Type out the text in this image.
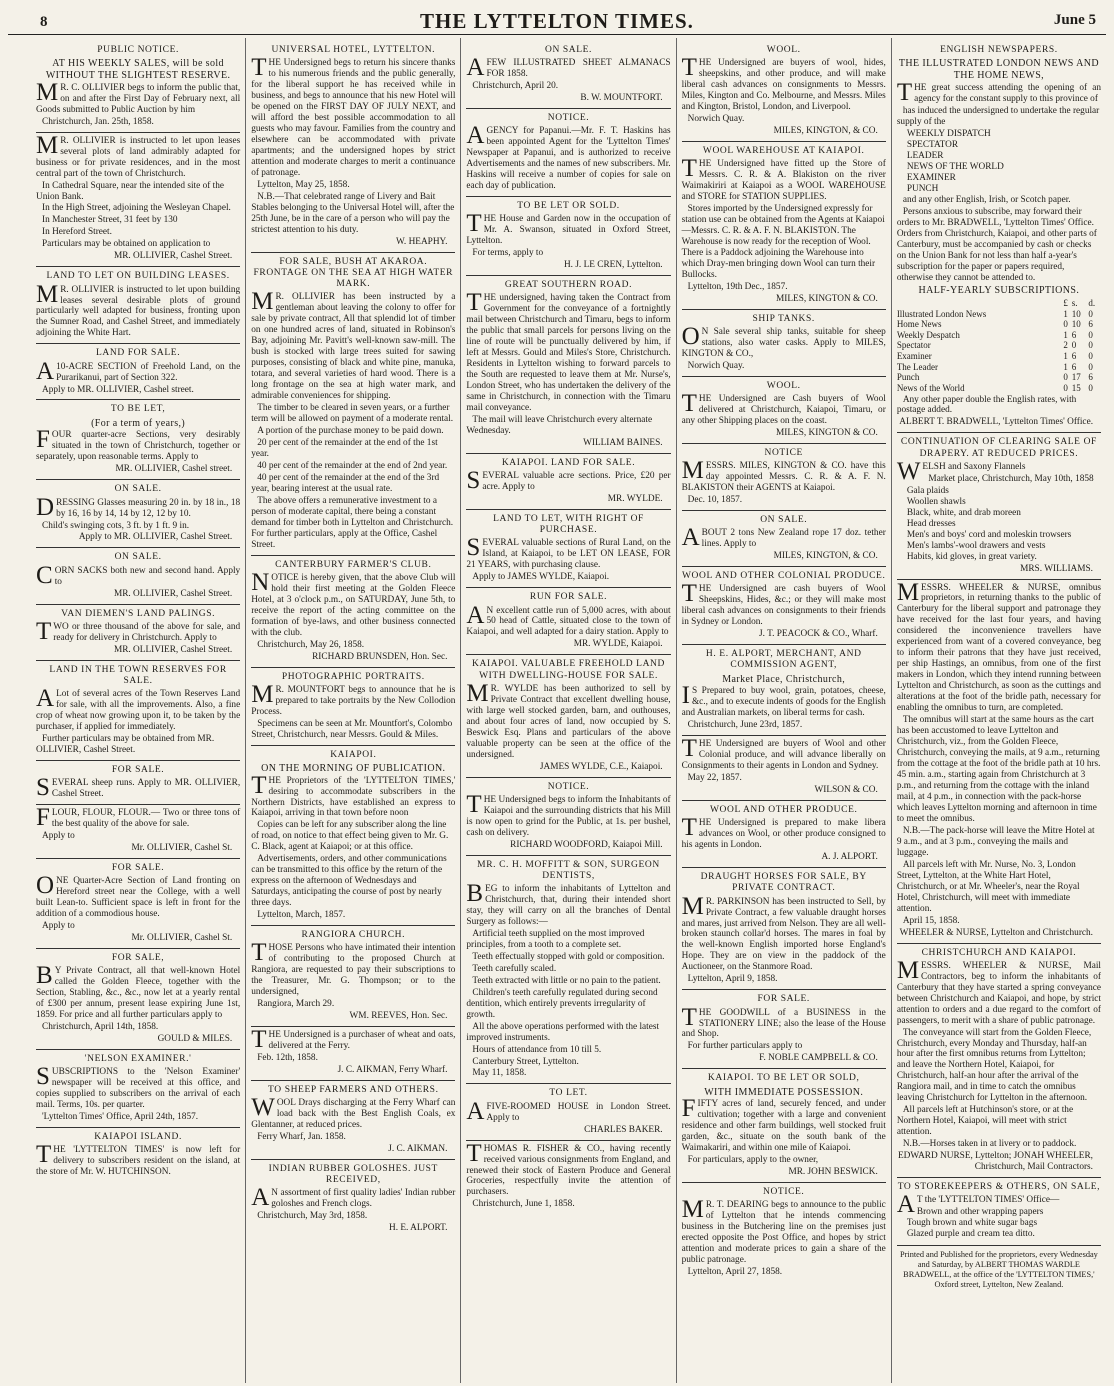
8	THE LYTTELTON TIMES.	June 5
PUBLIC NOTICE.
AT HIS WEEKLY SALES, will be sold WITHOUT THE SLIGHTEST RESERVE.

MR. C. OLLIVIER begs to inform the public that, on and after the First Day of February next, all Goods submitted to Public Auction by him

Christchurch, Jan. 25th, 1858.

MR. OLLIVIER is instructed to let upon leases several plots of land admirably adapted for business or for private residences, and in the most central part of the town of Christchurch.

In Cathedral Square, near the intended site of the Union Bank.
In the High Street, adjoining the Wesleyan Chapel.
In Manchester Street, 31 feet by 130
In Hereford Street.
Particulars may be obtained on application to
MR. OLLIVIER, Cashel Street.
LAND TO LET ON BUILDING LEASES.

MR. OLLIVIER is instructed to let upon building leases several desirable plots of ground particularly well adapted for business, fronting upon the Sumner Road, and Cashel Street, and immediately adjoining the White Hart.

LAND FOR SALE.

A10-ACRE SECTION of Freehold Land, on the Purarikanui, part of Section 322.

Apply to MR. OLLIVIER, Cashel street.
TO BE LET,
(For a term of years,)

FOUR quarter-acre Sections, very desirably situated in the town of Christchurch, together or separately, upon reasonable terms. Apply to

MR. OLLIVIER, Cashel street.
ON SALE.

DRESSING Glasses measuring 20 in. by 18 in., 18 by 16, 16 by 14, 14 by 12, 12 by 10.

Child's swinging cots, 3 ft. by 1 ft. 9 in.
Apply to MR. OLLIVIER, Cashel Street.
ON SALE.

CORN SACKS both new and second hand. Apply to

MR. OLLIVIER, Cashel Street.
VAN DIEMEN'S LAND PALINGS.

TWO or three thousand of the above for sale, and ready for delivery in Christchurch. Apply to

MR. OLLIVIER, Cashel Street.
LAND IN THE TOWN RESERVES FOR SALE.

ALot of several acres of the Town Reserves Land for sale, with all the improvements. Also, a fine crop of wheat now growing upon it, to be taken by the purchaser, if applied for immediately.

Further particulars may be obtained from MR. OLLIVIER, Cashel Street.
FOR SALE.

SEVERAL sheep runs. Apply to MR. OLLIVIER, Cashel Street.

FLOUR, FLOUR, FLOUR.— Two or three tons of the best quality of the above for sale.

Apply to
Mr. OLLIVIER, Cashel St.
FOR SALE.

ONE Quarter-Acre Section of Land fronting on Hereford street near the College, with a well built Lean-to. Sufficient space is left in front for the addition of a commodious house.

Apply to
Mr. OLLIVIER, Cashel St.
FOR SALE,

BY Private Contract, all that well-known Hotel called the Golden Fleece, together with the Section, Stabling, &c., &c., now let at a yearly rental of £300 per annum, present lease expiring June 1st, 1859. For price and all further particulars apply to

Christchurch, April 14th, 1858.
GOULD & MILES.
'NELSON EXAMINER.'

SUBSCRIPTIONS to the 'Nelson Examiner' newspaper will be received at this office, and copies supplied to subscribers on the arrival of each mail. Terms, 10s. per quarter.

'Lyttelton Times' Office, April 24th, 1857.
KAIAPOI ISLAND.

THE 'LYTTELTON TIMES' is now left for delivery to subscribers resident on the island, at the store of Mr. W. HUTCHINSON.

UNIVERSAL HOTEL, LYTTELTON.

THE Undersigned begs to return his sincere thanks to his numerous friends and the public generally, for the liberal support he has received while in business, and begs to announce that his new Hotel will be opened on the FIRST DAY OF JULY NEXT, and will afford the best possible accommodation to all guests who may favour. Families from the country and elsewhere can be accommodated with private apartments; and the undersigned hopes by strict attention and moderate charges to merit a continuance of patronage.

Lyttelton, May 25, 1858.
N.B.—That celebrated range of Livery and Bait Stables belonging to the Universal Hotel will, after the 25th June, be in the care of a person who will pay the strictest attention to his duty.
W. HEAPHY.
FOR SALE, BUSH AT AKAROA. FRONTAGE ON THE SEA AT HIGH WATER MARK.

MR. OLLIVIER has been instructed by a gentleman about leaving the colony to offer for sale by private contract, All that splendid lot of timber on one hundred acres of land, situated in Robinson's Bay, adjoining Mr. Pavitt's well-known saw-mill. The bush is stocked with large trees suited for sawing purposes, consisting of black and white pine, manuka, totara, and several varieties of hard wood. There is a long frontage on the sea at high water mark, and admirable conveniences for shipping.

The timber to be cleared in seven years, or a further term will be allowed on payment of a moderate rental.
A portion of the purchase money to be paid down.
20 per cent of the remainder at the end of the 1st year.
40 per cent of the remainder at the end of 2nd year.
40 per cent of the remainder at the end of the 3rd year, bearing interest at the usual rate.
The above offers a remunerative investment to a person of moderate capital, there being a constant demand for timber both in Lyttelton and Christchurch. For further particulars, apply at the Office, Cashel Street.
CANTERBURY FARMER'S CLUB.

NOTICE is hereby given, that the above Club will hold their first meeting at the Golden Fleece Hotel, at 3 o'clock p.m., on SATURDAY, June 5th, to receive the report of the acting committee on the formation of bye-laws, and other business connected with the club.

Christchurch, May 26, 1858.
RICHARD BRUNSDEN, Hon. Sec.
PHOTOGRAPHIC PORTRAITS.

MR. MOUNTFORT begs to announce that he is prepared to take portraits by the New Collodion Process.

Specimens can be seen at Mr. Mountfort's, Colombo Street, Christchurch, near Messrs. Gould & Miles.
KAIAPOI.
ON THE MORNING OF PUBLICATION.

THE Proprietors of the 'LYTTELTON TIMES,' desiring to accommodate subscribers in the Northern Districts, have established an express to Kaiapoi, arriving in that town before noon

Copies can be left for any subscriber along the line of road, on notice to that effect being given to Mr. G. C. Black, agent at Kaiapoi; or at this office.
Advertisements, orders, and other communications can be transmitted to this office by the return of the express on the afternoon of Wednesdays and Saturdays, anticipating the course of post by nearly three days.
Lyttelton, March, 1857.
RANGIORA CHURCH.

THOSE Persons who have intimated their intention of contributing to the proposed Church at Rangiora, are requested to pay their subscriptions to the Treasurer, Mr. G. Thompson; or to the undersigned,

Rangiora, March 29.
WM. REEVES, Hon. Sec.

THE Undersigned is a purchaser of wheat and oats, delivered at the Ferry.

Feb. 12th, 1858.
J. C. AIKMAN, Ferry Wharf.
TO SHEEP FARMERS AND OTHERS.

WOOL Drays discharging at the Ferry Wharf can load back with the Best English Coals, ex Glentanner, at reduced prices.

Ferry Wharf, Jan. 1858.
J. C. AIKMAN.
INDIAN RUBBER GOLOSHES. JUST RECEIVED,

AN assortment of first quality ladies' Indian rubber goloshes and French clogs.

Christchurch, May 3rd, 1858.
H. E. ALPORT.
ON SALE.

AFEW ILLUSTRATED SHEET ALMANACS FOR 1858.

Christchurch, April 20.
B. W. MOUNTFORT.
NOTICE.

AGENCY for Papanui.—Mr. F. T. Haskins has been appointed Agent for the 'Lyttelton Times' Newspaper at Papanui, and is authorized to receive Advertisements and the names of new subscribers. Mr. Haskins will receive a number of copies for sale on each day of publication.

TO BE LET OR SOLD.

THE House and Garden now in the occupation of Mr. A. Swanson, situated in Oxford Street, Lyttelton.

For terms, apply to
H. J. LE CREN, Lyttelton.
GREAT SOUTHERN ROAD.

THE undersigned, having taken the Contract from Government for the conveyance of a fortnightly mail between Christchurch and Timaru, begs to inform the public that small parcels for persons living on the line of route will be punctually delivered by him, if left at Messrs. Gould and Miles's Store, Christchurch. Residents in Lyttelton wishing to forward parcels to the South are requested to leave them at Mr. Nurse's, London Street, who has undertaken the delivery of the same in Christchurch, in connection with the Timaru mail conveyance.

The mail will leave Christchurch every alternate Wednesday.
WILLIAM BAINES.
KAIAPOI. LAND FOR SALE.

SEVERAL valuable acre sections. Price, £20 per acre. Apply to

MR. WYLDE.
LAND TO LET, WITH RIGHT OF PURCHASE.

SEVERAL valuable sections of Rural Land, on the Island, at Kaiapoi, to be LET ON LEASE, FOR 21 YEARS, with purchasing clause.

Apply to JAMES WYLDE, Kaiapoi.
RUN FOR SALE.

AN excellent cattle run of 5,000 acres, with about 50 head of Cattle, situated close to the town of Kaiapoi, and well adapted for a dairy station. Apply to

MR. WYLDE, Kaiapoi.
KAIAPOI. VALUABLE FREEHOLD LAND WITH DWELLING-HOUSE FOR SALE.

MR. WYLDE has been authorized to sell by Private Contract that excellent dwelling house, with large well stocked garden, barn, and outhouses, and about four acres of land, now occupied by S. Beswick Esq. Plans and particulars of the above valuable property can be seen at the office of the undersigned.

JAMES WYLDE, C.E., Kaiapoi.
NOTICE.

THE Undersigned begs to inform the Inhabitants of Kaiapoi and the surrounding districts that his Mill is now open to grind for the Public, at 1s. per bushel, cash on delivery.

RICHARD WOODFORD, Kaiapoi Mill.
MR. C. H. MOFFITT & SON, SURGEON DENTISTS,

BEG to inform the inhabitants of Lyttelton and Christchurch, that, during their intended short stay, they will carry on all the branches of Dental Surgery as follows:—

Artificial teeth supplied on the most improved principles, from a tooth to a complete set.
Teeth effectually stopped with gold or composition.
Teeth carefully scaled.
Teeth extracted with little or no pain to the patient.
Children's teeth carefully regulated during second dentition, which entirely prevents irregularity of growth.
All the above operations performed with the latest improved instruments.
Hours of attendance from 10 till 5.
Canterbury Street, Lyttelton.
May 11, 1858.
TO LET.

AFIVE-ROOMED HOUSE in London Street. Apply to

CHARLES BAKER.

THOMAS R. FISHER & CO., having recently received various consignments from England, and renewed their stock of Eastern Produce and General Groceries, respectfully invite the attention of purchasers.

Christchurch, June 1, 1858.
WOOL.

THE Undersigned are buyers of wool, hides, sheepskins, and other produce, and will make liberal cash advances on consignments to Messrs. Miles, Kington and Co. Melbourne, and Messrs. Miles and Kington, Bristol, London, and Liverpool.

Norwich Quay.
MILES, KINGTON, & CO.
WOOL WAREHOUSE AT KAIAPOI.

THE Undersigned have fitted up the Store of Messrs. C. R. & A. Blakiston on the river Waimakiriri at Kaiapoi as a WOOL WAREHOUSE and STORE for STATION SUPPLIES.

Stores imported by the Undersigned expressly for station use can be obtained from the Agents at Kaiapoi—Messrs. C. R. & A. F. N. BLAKISTON. The Warehouse is now ready for the reception of Wool. There is a Paddock adjoining the Warehouse into which Dray-men bringing down Wool can turn their Bullocks.
Lyttelton, 19th Dec., 1857.
MILES, KINGTON & CO.
SHIP TANKS.

ON Sale several ship tanks, suitable for sheep stations, also water casks. Apply to MILES, KINGTON & CO.,

Norwich Quay.
WOOL.

THE Undersigned are Cash buyers of Wool delivered at Christchurch, Kaiapoi, Timaru, or any other Shipping places on the coast.

MILES, KINGTON & CO.
NOTICE

MESSRS. MILES, KINGTON & CO. have this day appointed Messrs. C. R. & A. F. N. BLAKISTON their AGENTS at Kaiapoi.

Dec. 10, 1857.
ON SALE.

ABOUT 2 tons New Zealand rope 17 doz. tether lines. Apply to

MILES, KINGTON, & CO.
WOOL AND OTHER COLONIAL PRODUCE.

THE Undersigned are cash buyers of Wool Sheepskins, Hides, &c.; or they will make most liberal cash advances on consignments to their friends in Sydney or London.

J. T. PEACOCK & CO., Wharf.
H. E. ALPORT, MERCHANT, AND COMMISSION AGENT,
Market Place, Christchurch,

IS Prepared to buy wool, grain, potatoes, cheese, &c., and to execute indents of goods for the English and Australian markets, on liberal terms for cash.

Christchurch, June 23rd, 1857.

THE Undersigned are buyers of Wool and other Colonial produce, and will advance liberally on Consignments to their agents in London and Sydney.

May 22, 1857.
WILSON & CO.
WOOL AND OTHER PRODUCE.

THE Undersigned is prepared to make libera advances on Wool, or other produce consigned to his agents in London.

A. J. ALPORT.
DRAUGHT HORSES FOR SALE, BY PRIVATE CONTRACT.

MR. PARKINSON has been instructed to Sell, by Private Contract, a few valuable draught horses and mares, just arrived from Nelson. They are all well-broken staunch collar'd horses. The mares in foal by the well-known English imported horse England's Hope. They are on view in the paddock of the Auctioneer, on the Stanmore Road.

Lyttelton, April 9, 1858.
FOR SALE.

THE GOODWILL of a BUSINESS in the STATIONERY LINE; also the lease of the House and Shop.

For further particulars apply to
F. NOBLE CAMPBELL & CO.
KAIAPOI. TO BE LET OR SOLD,
WITH IMMEDIATE POSSESSION.

FIFTY acres of land, securely fenced, and under cultivation; together with a large and convenient residence and other farm buildings, well stocked fruit garden, &c., situate on the south bank of the Waimakariri, and within one mile of Kaiapoi.

For particulars, apply to the owner,
MR. JOHN BESWICK.
NOTICE.

MR. T. DEARING begs to announce to the public of Lyttelton that he intends commencing business in the Butchering line on the premises just erected opposite the Post Office, and hopes by strict attention and moderate prices to gain a share of the public patronage.

Lyttelton, April 27, 1858.
ENGLISH NEWSPAPERS.
THE ILLUSTRATED LONDON NEWS AND THE HOME NEWS,

THE great success attending the opening of an agency for the constant supply to this province of

has induced the undersigned to undertake the regular supply of the
WEEKLY DISPATCH
SPECTATOR
LEADER
NEWS OF THE WORLD
EXAMINER
PUNCH
and any other English, Irish, or Scotch paper.
Persons anxious to subscribe, may forward their orders to Mr. BRADWELL, 'Lyttelton Times' Office. Orders from Christchurch, Kaiapoi, and other parts of Canterbury, must be accompanied by cash or checks on the Union Bank for not less than half a-year's subscription for the paper or papers required, otherwise they cannot be attended to.
HALF-YEARLY SUBSCRIPTIONS.
	£	s.	d.
Illustrated London News	1	10	0
Home News	0	10	6
Weekly Despatch	1	6	0
Spectator	2	0	0
Examiner	1	6	0
The Leader	1	6	0
Punch	0	17	6
News of the World	0	15	0
Any other paper double the English rates, with postage added.
ALBERT T. BRADWELL, 'Lyttelton Times' Office.
CONTINUATION OF CLEARING SALE OF DRAPERY. AT REDUCED PRICES.

WELSH and Saxony Flannels

Market place, Christchurch, May 10th, 1858
Gala plaids
Woollen shawls
Black, white, and drab moreen
Head dresses
Men's and boys' cord and moleskin trowsers
Men's lambs'-wool drawers and vests
Habits, kid gloves, in great variety.
MRS. WILLIAMS.

MESSRS. WHEELER & NURSE, omnibus proprietors, in returning thanks to the public of Canterbury for the liberal support and patronage they have received for the last four years, and having considered the inconvenience travellers have experienced from want of a covered conveyance, beg to inform their patrons that they have just received, per ship Hastings, an omnibus, from one of the first makers in London, which they intend running between Lyttelton and Christchurch, as soon as the cuttings and alterations at the foot of the bridle path, necessary for enabling the omnibus to turn, are completed.

The omnibus will start at the same hours as the cart has been accustomed to leave Lyttelton and Christchurch, viz., from the Golden Fleece, Christchurch, conveying the mails, at 9 a.m., returning from the cottage at the foot of the bridle path at 10 hrs. 45 min. a.m., starting again from Christchurch at 3 p.m., and returning from the cottage with the inland mail, at 4 p.m., in connection with the pack-horse which leaves Lyttelton morning and afternoon in time to meet the omnibus.
N.B.—The pack-horse will leave the Mitre Hotel at 9 a.m., and at 3 p.m., conveying the mails and luggage.
All parcels left with Mr. Nurse, No. 3, London Street, Lyttelton, at the White Hart Hotel, Christchurch, or at Mr. Wheeler's, near the Royal Hotel, Christchurch, will meet with immediate attention.
April 15, 1858.
WHEELER & NURSE, Lyttelton and Christchurch.
CHRISTCHURCH AND KAIAPOI.

MESSRS. WHEELER & NURSE, Mail Contractors, beg to inform the inhabitants of Canterbury that they have started a spring conveyance between Christchurch and Kaiapoi, and hope, by strict attention to orders and a due regard to the comfort of passengers, to merit with a share of public patronage.

The conveyance will start from the Golden Fleece, Christchurch, every Monday and Thursday, half-an hour after the first omnibus returns from Lyttelton; and leave the Northern Hotel, Kaiapoi, for Christchurch, half-an hour after the arrival of the Rangiora mail, and in time to catch the omnibus leaving Christchurch for Lyttelton in the afternoon.
All parcels left at Hutchinson's store, or at the Northern Hotel, Kaiapoi, will meet with strict attention.
N.B.—Horses taken in at livery or to paddock.
EDWARD NURSE, Lyttelton; JONAH WHEELER, Christchurch, Mail Contractors.
TO STOREKEEPERS & OTHERS, ON SALE,

AT the 'LYTTELTON TIMES' Office—

Brown and other wrapping papers
Tough brown and white sugar bags
Glazed purple and cream tea ditto.
Printed and Published for the proprietors, every Wednesday and Saturday, by ALBERT THOMAS WARDLE BRADWELL, at the office of the 'LYTTELTON TIMES,' Oxford street, Lyttelton, New Zealand.
